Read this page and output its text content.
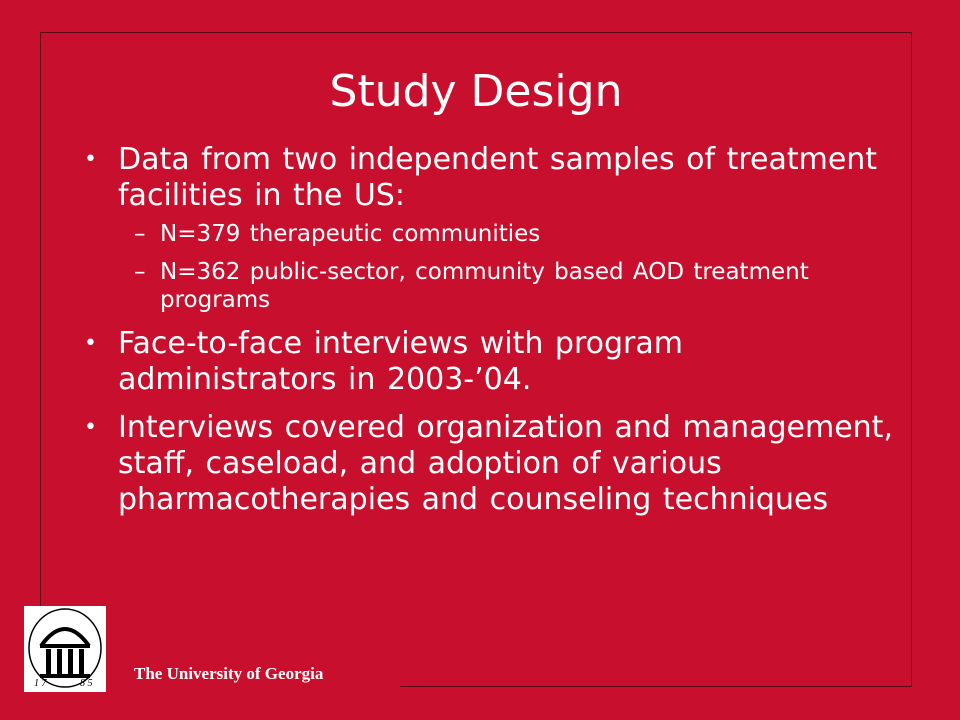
Study Design
• Data from two independent samples of treatment facilities in the US:
– N=379 therapeutic communities
– N=362 public-sector, community based AOD treatment programs
• Face-to-face interviews with program administrators in 2003-’04.
• Interviews covered organization and management, staff, caseload, and adoption of various pharmacotherapies and counseling techniques
1 7	8 5
The University of Georgia
